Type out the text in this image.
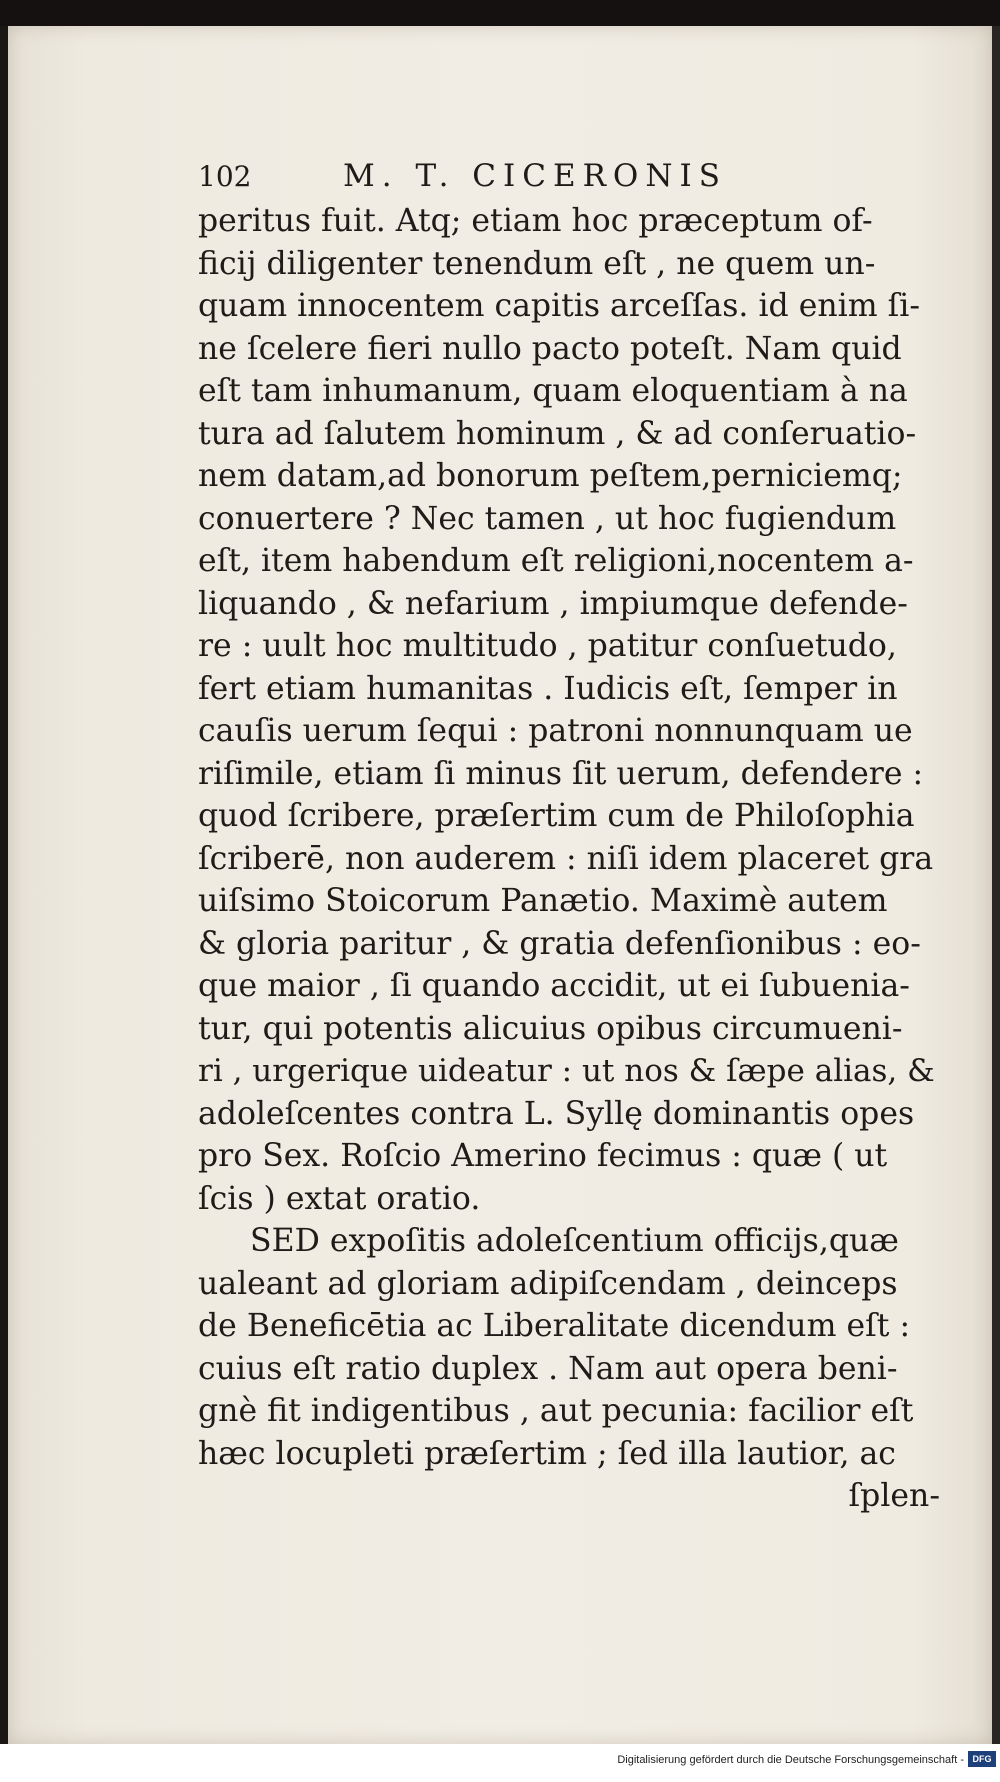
102	M. T. CICERONIS
peritus fuit. Atq; etiam hoc præceptum of-
ficij diligenter tenendum eſt , ne quem un-
quam innocentem capitis arceſſas. id enim ſi-
ne ſcelere fieri nullo pacto poteſt. Nam quid
eſt tam inhumanum, quam eloquentiam à na
tura ad ſalutem hominum , & ad conſeruatio-
nem datam,ad bonorum peſtem,perniciemq;
conuertere ? Nec tamen , ut hoc fugiendum
eſt, item habendum eſt religioni,nocentem a-
liquando , & nefarium , impiumque defende-
re : uult hoc multitudo , patitur conſuetudo,
fert etiam humanitas . Iudicis eſt, ſemper in
cauſis uerum ſequi : patroni nonnunquam ue
riſimile, etiam ſi minus ſit uerum, defendere :
quod ſcribere, præſertim cum de Philoſophia
ſcriberē, non auderem : niſi idem placeret gra
uiſsimo Stoicorum Panætio. Maximè autem
& gloria paritur , & gratia defenſionibus : eo-
que maior , ſi quando accidit, ut ei ſubuenia-
tur, qui potentis alicuius opibus circumueni-
ri , urgerique uideatur : ut nos & ſæpe alias, &
adoleſcentes contra L. Syllę dominantis opes
pro Sex. Roſcio Amerino fecimus : quæ ( ut
ſcis ) extat oratio.
SED expoſitis adoleſcentium officijs,quæ
ualeant ad gloriam adipiſcendam , deinceps
de Beneficētia ac Liberalitate dicendum eſt :
cuius eſt ratio duplex . Nam aut opera beni-
gnè fit indigentibus , aut pecunia: facilior eſt
hæc locupleti præſertim ; ſed illa lautior, ac
ſplen-
Digitalisierung gefördert durch die Deutsche Forschungsgemeinschaft - DFG
